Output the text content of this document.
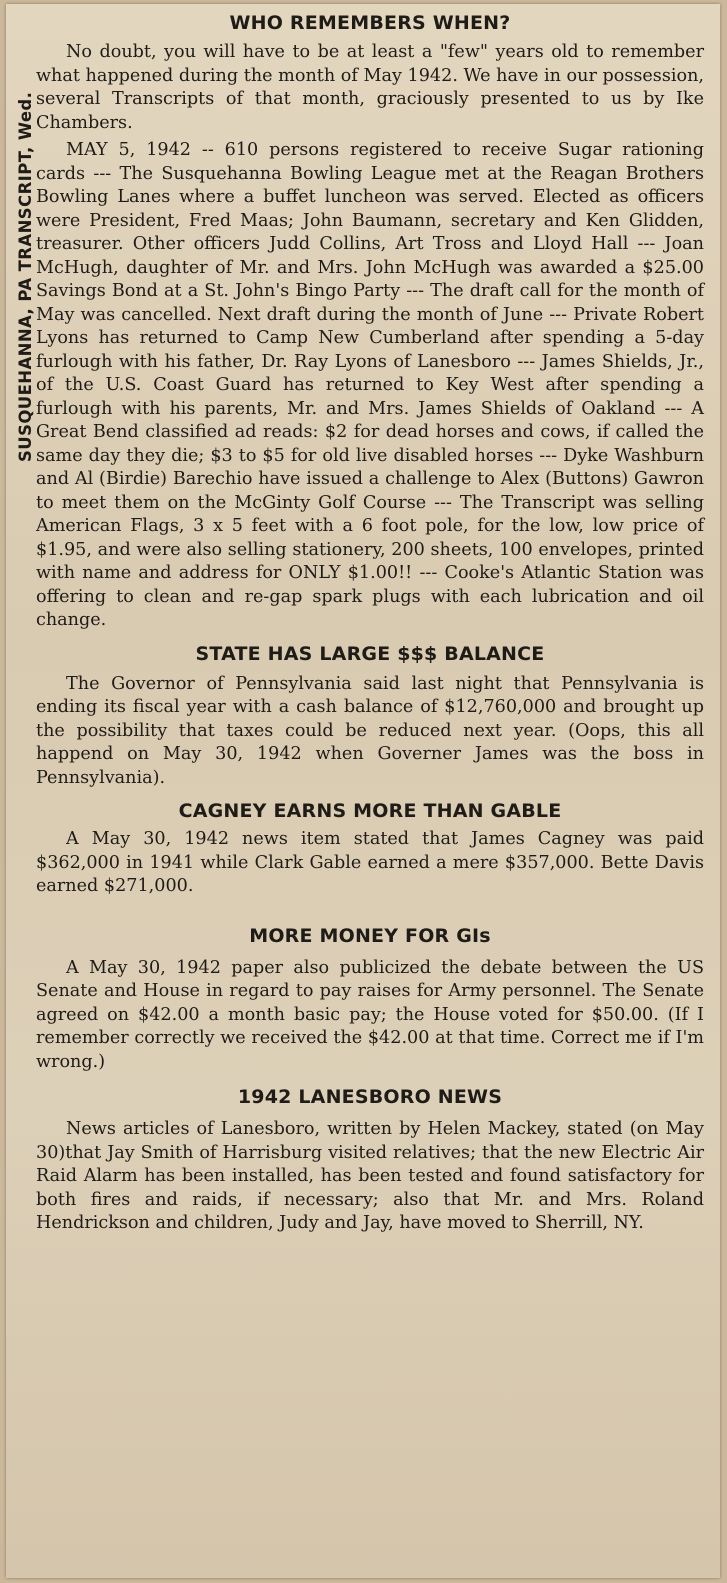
SUSQUEHANNA, PA TRANSCRIPT, Wed.
WHO REMEMBERS WHEN?

No doubt, you will have to be at least a "few" years old to remember what happened during the month of May 1942. We have in our possession, several Transcripts of that month, graciously presented to us by Ike Chambers.

MAY 5, 1942 -- 610 persons registered to receive Sugar rationing cards --- The Susquehanna Bowling League met at the Reagan Brothers Bowling Lanes where a buffet luncheon was served. Elected as officers were President, Fred Maas; John Baumann, secretary and Ken Glidden, treasurer. Other officers Judd Collins, Art Tross and Lloyd Hall --- Joan McHugh, daughter of Mr. and Mrs. John McHugh was awarded a $25.00 Savings Bond at a St. John's Bingo Party --- The draft call for the month of May was cancelled. Next draft during the month of June --- Private Robert Lyons has returned to Camp New Cumberland after spending a 5-day furlough with his father, Dr. Ray Lyons of Lanesboro --- James Shields, Jr., of the U.S. Coast Guard has returned to Key West after spending a furlough with his parents, Mr. and Mrs. James Shields of Oakland --- A Great Bend classified ad reads: $2 for dead horses and cows, if called the same day they die; $3 to $5 for old live disabled horses --- Dyke Washburn and Al (Birdie) Barechio have issued a challenge to Alex (Buttons) Gawron to meet them on the McGinty Golf Course --- The Transcript was selling American Flags, 3 x 5 feet with a 6 foot pole, for the low, low price of $1.95, and were also selling stationery, 200 sheets, 100 envelopes, printed with name and address for ONLY $1.00!! --- Cooke's Atlantic Station was offering to clean and re-gap spark plugs with each lubrication and oil change.

STATE HAS LARGE $$$ BALANCE

The Governor of Pennsylvania said last night that Pennsylvania is ending its fiscal year with a cash balance of $12,760,000 and brought up the possibility that taxes could be reduced next year. (Oops, this all happend on May 30, 1942 when Governer James was the boss in Pennsylvania).

CAGNEY EARNS MORE THAN GABLE

A May 30, 1942 news item stated that James Cagney was paid $362,000 in 1941 while Clark Gable earned a mere $357,000. Bette Davis earned $271,000.

MORE MONEY FOR GIs

A May 30, 1942 paper also publicized the debate between the US Senate and House in regard to pay raises for Army personnel. The Senate agreed on $42.00 a month basic pay; the House voted for $50.00. (If I remember correctly we received the $42.00 at that time. Correct me if I'm wrong.)

1942 LANESBORO NEWS

News articles of Lanesboro, written by Helen Mackey, stated (on May 30)that Jay Smith of Harrisburg visited relatives; that the new Electric Air Raid Alarm has been installed, has been tested and found satisfactory for both fires and raids, if necessary; also that Mr. and Mrs. Roland Hendrickson and children, Judy and Jay, have moved to Sherrill, NY.
